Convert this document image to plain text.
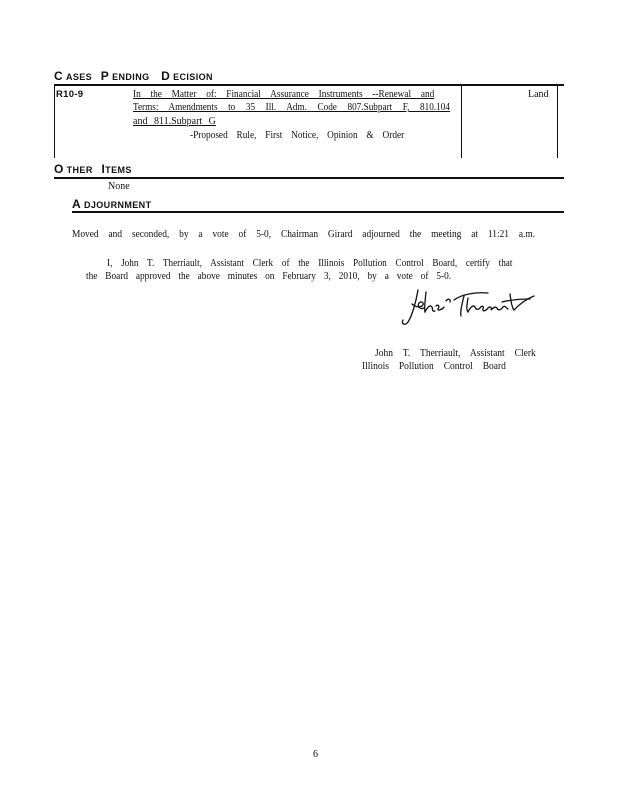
C ASES   P ENDING    D ECISION
R10-9	In the Matter of: Financial Assurance Instruments --Renewal and
Terms: Amendments to 35 Ill. Adm. Code 807.Subpart F, 810.104
and 811.Subpart G
-Proposed Rule, First Notice, Opinion & Order
Land
O THER   ITEMS
None
A DJOURNMENT
Moved and seconded, by a vote of 5-0, Chairman Girard adjourned the meeting at 11:21 a.m.
I, John T. Therriault, Assistant Clerk of the Illinois Pollution Control Board, certify that
the Board approved the above minutes on February 3, 2010, by a vote of 5-0.
John T. Therriault, Assistant Clerk
Illinois Pollution Control Board
6
